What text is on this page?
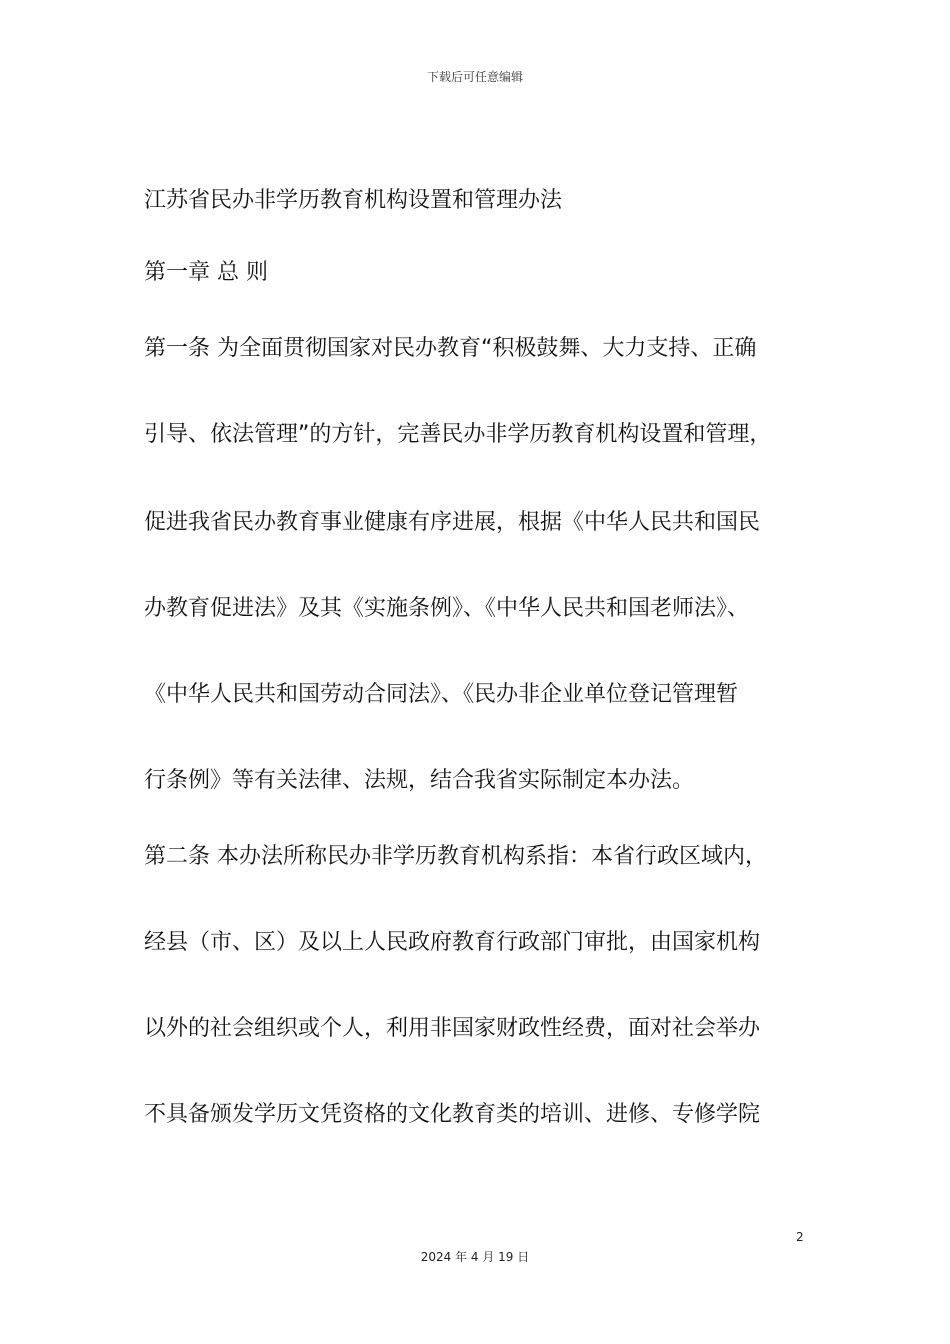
下载后可任意编辑
江苏省民办非学历教育机构设置和管理办法
第一章 总 则
第一条 为全面贯彻国家对民办教育“积极鼓舞、大力支持、正确
引导、依法管理”的方针，完善民办非学历教育机构设置和管理，
促进我省民办教育事业健康有序进展，根据《中华人民共和国民
办教育促进法》及其《实施条例》、《中华人民共和国老师法》、
《中华人民共和国劳动合同法》、《民办非企业单位登记管理暂
行条例》等有关法律、法规，结合我省实际制定本办法。
第二条 本办法所称民办非学历教育机构系指：本省行政区域内，
经县（市、区）及以上人民政府教育行政部门审批，由国家机构
以外的社会组织或个人，利用非国家财政性经费，面对社会举办
不具备颁发学历文凭资格的文化教育类的培训、进修、专修学院
2
2024 年 4 月 19 日
